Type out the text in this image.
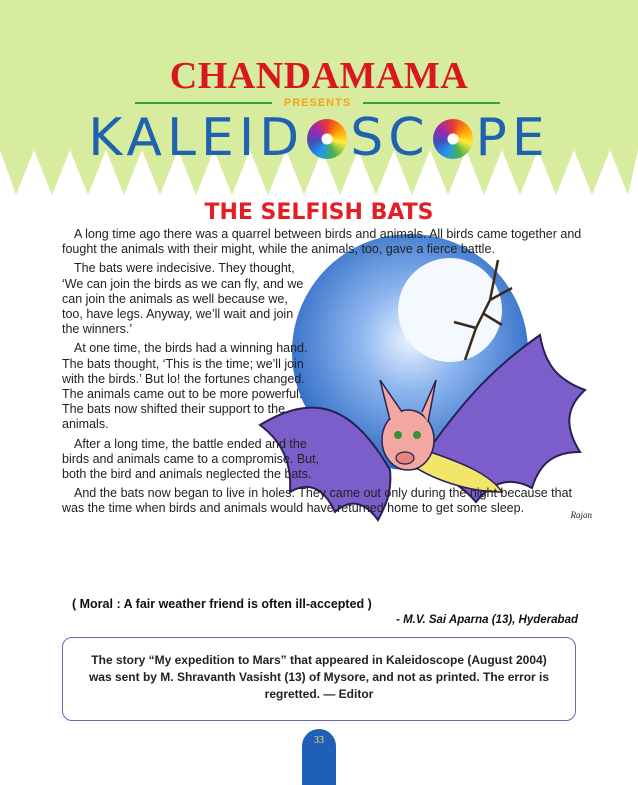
CHANDAMAMA
PRESENTS
KALEID SC PE
THE SELFISH BATS
Rajan

A long time ago there was a quarrel between birds and animals. All birds came together and fought the animals with their might, while the animals, too, gave a fierce battle.

The bats were indecisive. They thought, ‘We can join the birds as we can fly, and we can join the animals as well because we, too, have legs. Anyway, we’ll wait and join the winners.’

At one time, the birds had a winning hand. The bats thought, ‘This is the time; we’ll join with the birds.’ But lo! the fortunes changed. The animals came out to be more powerful. The bats now shifted their support to the animals.

After a long time, the battle ended and the birds and animals came to a compromise. But, both the bird and animals neglected the bats.

And the bats now began to live in holes. They came out only during the night because that was the time when birds and animals would have returned home to get some sleep.

( Moral : A fair weather friend is often ill-accepted )
- M.V. Sai Aparna (13), Hyderabad
The story “My expedition to Mars” that appeared in Kaleidoscope (August 2004) was sent by M. Shravanth Vasisht (13) of Mysore, and not as printed. The error is regretted. — Editor
33
